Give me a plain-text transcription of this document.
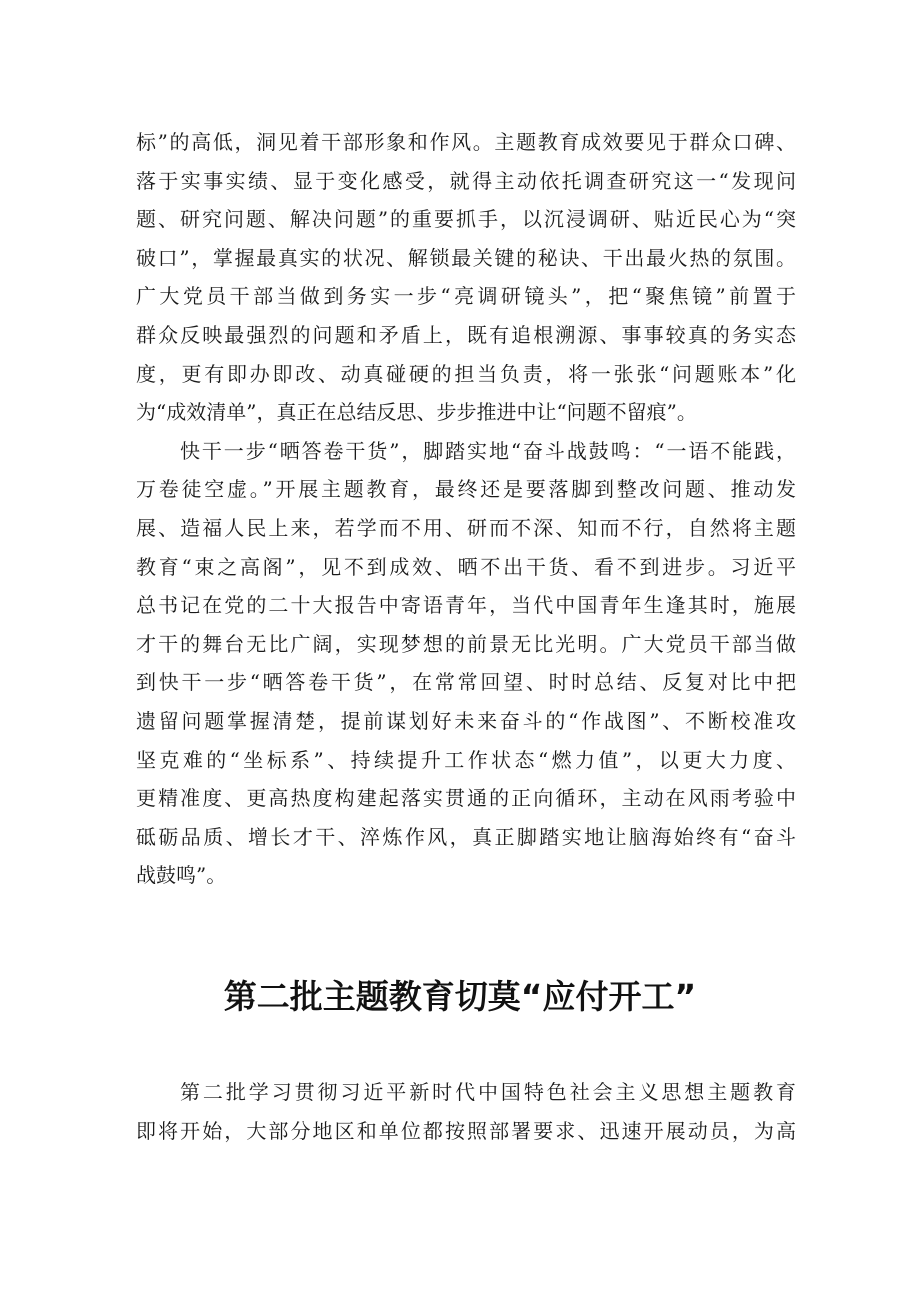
标”的高低，洞见着干部形象和作风。主题教育成效要见于群众口碑、
落于实事实绩、显于变化感受，就得主动依托调查研究这一“发现问
题、研究问题、解决问题”的重要抓手，以沉浸调研、贴近民心为“突
破口”，掌握最真实的状况、解锁最关键的秘诀、干出最火热的氛围。
广大党员干部当做到务实一步“亮调研镜头”，把“聚焦镜”前置于
群众反映最强烈的问题和矛盾上，既有追根溯源、事事较真的务实态
度，更有即办即改、动真碰硬的担当负责，将一张张“问题账本”化
为“成效清单”，真正在总结反思、步步推进中让“问题不留痕”。
快干一步“晒答卷干货”，脚踏实地“奋斗战鼓鸣：“一语不能践，
万卷徒空虚。”开展主题教育，最终还是要落脚到整改问题、推动发
展、造福人民上来，若学而不用、研而不深、知而不行，自然将主题
教育“束之高阁”，见不到成效、晒不出干货、看不到进步。习近平
总书记在党的二十大报告中寄语青年，当代中国青年生逢其时，施展
才干的舞台无比广阔，实现梦想的前景无比光明。广大党员干部当做
到快干一步“晒答卷干货”，在常常回望、时时总结、反复对比中把
遗留问题掌握清楚，提前谋划好未来奋斗的“作战图”、不断校准攻
坚克难的“坐标系”、持续提升工作状态“燃力值”，以更大力度、
更精准度、更高热度构建起落实贯通的正向循环，主动在风雨考验中
砥砺品质、增长才干、淬炼作风，真正脚踏实地让脑海始终有“奋斗
战鼓鸣”。
第二批主题教育切莫“应付开工”
第二批学习贯彻习近平新时代中国特色社会主义思想主题教育
即将开始，大部分地区和单位都按照部署要求、迅速开展动员，为高
